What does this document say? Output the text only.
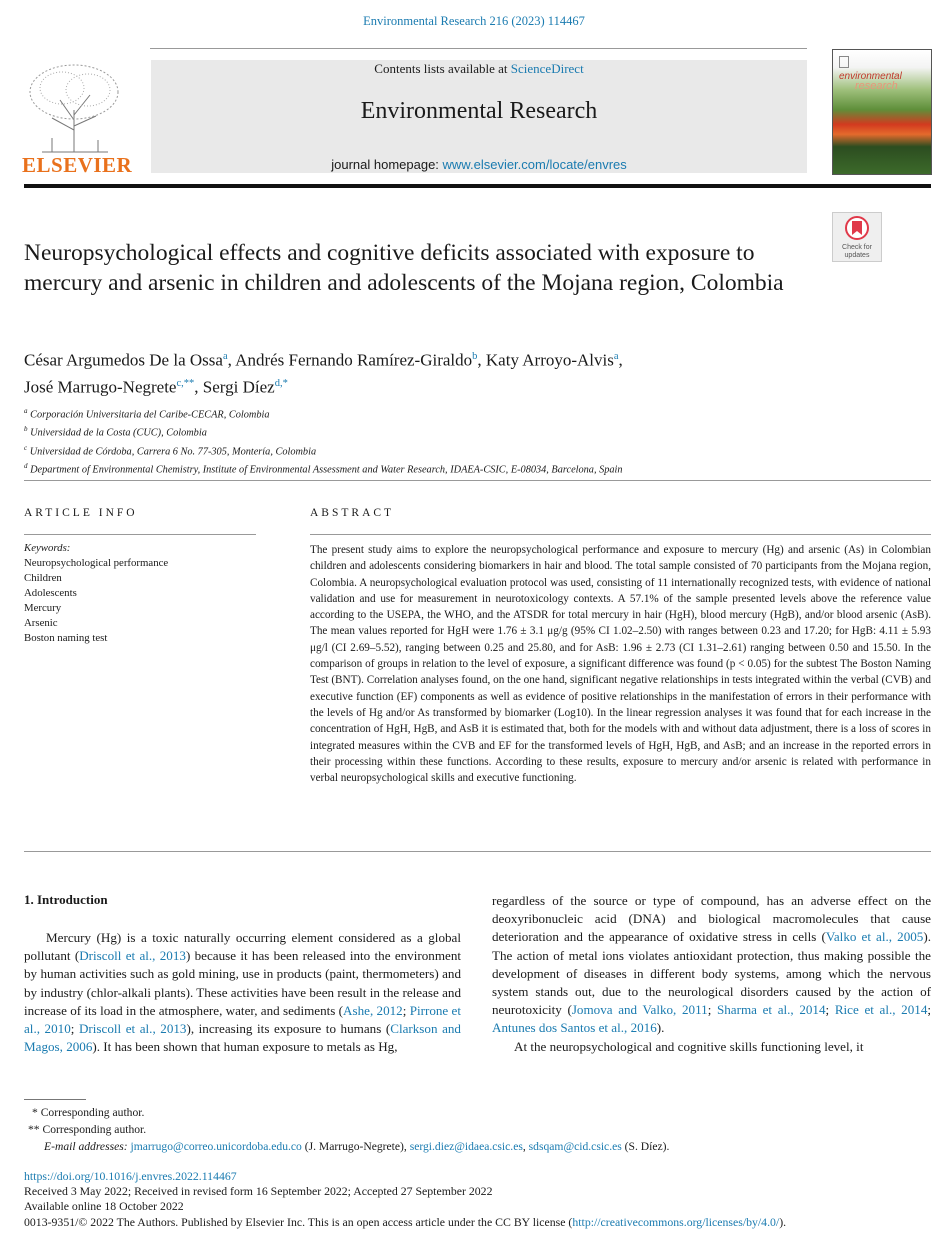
Environmental Research 216 (2023) 114467
ELSEVIER
Contents lists available at ScienceDirect
Environmental Research
journal homepage: www.elsevier.com/locate/envres
environmental
research
Check for updates
Neuropsychological effects and cognitive deficits associated with exposure to mercury and arsenic in children and adolescents of the Mojana region, Colombia
César Argumedos De la Ossa$^a$, Andrés Fernando Ramírez-Giraldo$^b$, Katy Arroyo-Alvis$^a$,
José Marrugo-Negrete$^{c,**}$, Sergi Díez$^{d,*}$
$^a$ Corporación Universitaria del Caribe-CECAR, Colombia
$^b$ Universidad de la Costa (CUC), Colombia
$^c$ Universidad de Córdoba, Carrera 6 No. 77-305, Montería, Colombia
$^d$ Department of Environmental Chemistry, Institute of Environmental Assessment and Water Research, IDAEA-CSIC, E-08034, Barcelona, Spain
ARTICLE INFO	ABSTRACT
Keywords:
Neuropsychological performance
Children
Adolescents
Mercury
Arsenic
Boston naming test
The present study aims to explore the neuropsychological performance and exposure to mercury (Hg) and arsenic (As) in Colombian children and adolescents considering biomarkers in hair and blood. The total sample consisted of 70 participants from the Mojana region, Colombia. A neuropsychological evaluation protocol was used, consisting of 11 internationally recognized tests, with evidence of national validation and use for measurement in neurotoxicology contexts. A 57.1% of the sample presented levels above the reference value according to the USEPA, the WHO, and the ATSDR for total mercury in hair (HgH), blood mercury (HgB), and/or blood arsenic (AsB). The mean values reported for HgH were 1.76 ± 3.1 μg/g (95% CI 1.02–2.50) with ranges between 0.23 and 17.20; for HgB: 4.11 ± 5.93 μg/l (CI 2.69–5.52), ranging between 0.25 and 25.80, and for AsB: 1.96 ± 2.73 (CI 1.31–2.61) ranging between 0.50 and 15.50. In the comparison of groups in relation to the level of exposure, a significant difference was found (p < 0.05) for the subtest The Boston Naming Test (BNT). Correlation analyses found, on the one hand, significant negative relationships in tests integrated within the verbal (CVB) and executive function (EF) components as well as evidence of positive relationships in the manifestation of errors in their performance with the levels of Hg and/or As transformed by biomarker (Log10). In the linear regression analyses it was found that for each increase in the concentration of HgH, HgB, and AsB it is estimated that, both for the models with and without data adjustment, there is a loss of scores in integrated measures within the CVB and EF for the transformed levels of HgH, HgB, and AsB; and an increase in the reported errors in their processing within these functions. According to these results, exposure to mercury and/or arsenic is related with performance in verbal neuropsychological skills and executive functioning.
1. Introduction

Mercury (Hg) is a toxic naturally occurring element considered as a global pollutant (Driscoll et al., 2013) because it has been released into the environment by human activities such as gold mining, use in products (paint, thermometers) and by industry (chlor-alkali plants). These activities have been result in the release and increase of its load in the atmosphere, water, and sediments (Ashe, 2012; Pirrone et al., 2010; Driscoll et al., 2013), increasing its exposure to humans (Clarkson and Magos, 2006). It has been shown that human exposure to metals as Hg,

regardless of the source or type of compound, has an adverse effect on the deoxyribonucleic acid (DNA) and biological macromolecules that cause deterioration and the appearance of oxidative stress in cells (Valko et al., 2005). The action of metal ions violates antioxidant protection, thus making possible the development of diseases in different body systems, among which the nervous system stands out, due to the neurological disorders caused by the action of neurotoxicity (Jomova and Valko, 2011; Sharma et al., 2014; Rice et al., 2014; Antunes dos Santos et al., 2016).

At the neuropsychological and cognitive skills functioning level, it

* Corresponding author.
** Corresponding author.
E-mail addresses: jmarrugo@correo.unicordoba.edu.co (J. Marrugo-Negrete), sergi.diez@idaea.csic.es, sdsqam@cid.csic.es (S. Díez).
https://doi.org/10.1016/j.envres.2022.114467
Received 3 May 2022; Received in revised form 16 September 2022; Accepted 27 September 2022
Available online 18 October 2022
0013-9351/© 2022 The Authors. Published by Elsevier Inc. This is an open access article under the CC BY license (http://creativecommons.org/licenses/by/4.0/).
